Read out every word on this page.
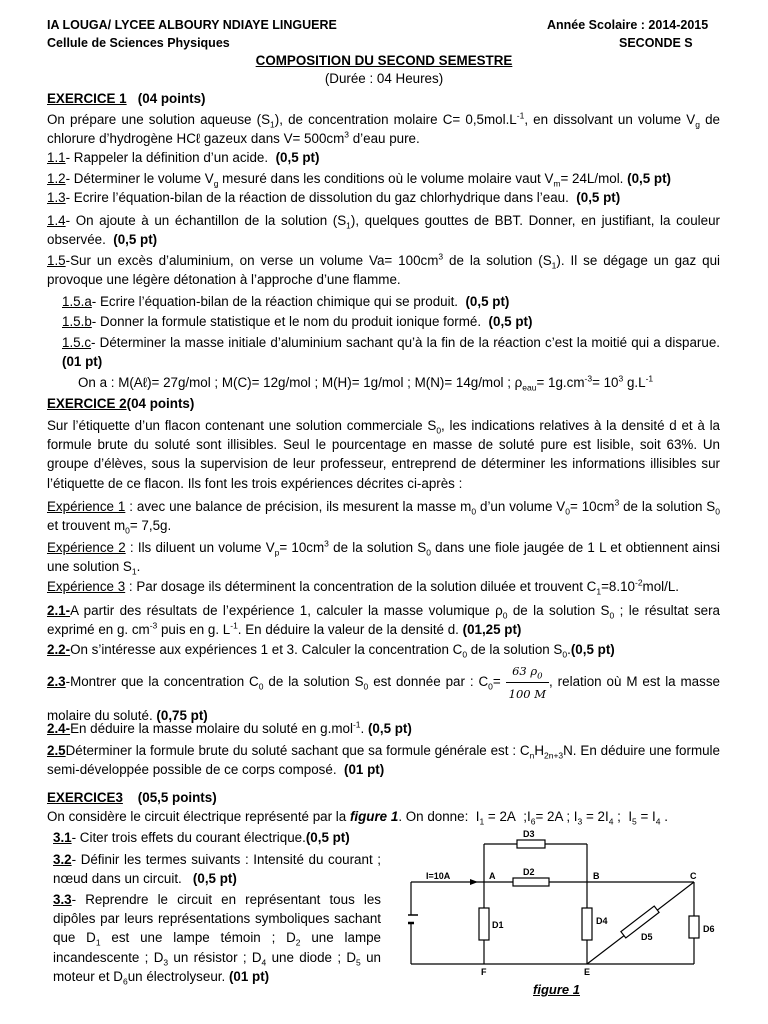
IA LOUGA/ LYCEE ALBOURY NDIAYE LINGUERE	Année Scolaire : 2014-2015
Cellule de Sciences Physiques	SECONDE S
COMPOSITION DU SECOND SEMESTRE
(Durée : 04 Heures)
EXERCICE 1 (04 points)
On prépare une solution aqueuse $(S_1)$, de concentration molaire $C= 0,5mol.L^{-1}$, en dissolvant un volume $V_g$ de chlorure d’hydrogène HCℓ gazeux dans $V= 500cm^3$ d’eau pure.
1.1- Rappeler la définition d’un acide. (0,5 pt)
1.2- Déterminer le volume $V_g$ mesuré dans les conditions où le volume molaire vaut $V_m= 24L/mol$. (0,5 pt)
1.3- Ecrire l’équation-bilan de la réaction de dissolution du gaz chlorhydrique dans l’eau. (0,5 pt)
1.4- On ajoute à un échantillon de la solution $(S_1)$, quelques gouttes de BBT. Donner, en justifiant, la couleur observée.  (0,5 pt)
1.5-Sur un excès d’aluminium, on verse un volume $Va= 100cm^3$ de la solution $(S_1)$. Il se dégage un gaz qui provoque une légère détonation à l’approche d’une flamme.
1.5.a- Ecrire l’équation-bilan de la réaction chimique qui se produit. (0,5 pt)
1.5.b- Donner la formule statistique et le nom du produit ionique formé. (0,5 pt)
1.5.c- Déterminer la masse initiale d’aluminium sachant qu’à la fin de la réaction c’est la moitié qui a disparue. (01 pt)
On a : M(Aℓ)= 27g/mol ; M(C)= 12g/mol ; M(H)= 1g/mol ; M(N)= 14g/mol ; $\rho_{eau}= 1g.cm^{-3}= 10^3$ $g.L^{-1}$
EXERCICE 2(04 points)
Sur l’étiquette d’un flacon contenant une solution commerciale $S_0$, les indications relatives à la densité d et à la formule brute du soluté sont illisibles. Seul le pourcentage en masse de soluté pure est lisible, soit 63%. Un groupe d’élèves, sous la supervision de leur professeur, entreprend de déterminer les informations illisibles sur l’étiquette de ce flacon. Ils font les trois expériences décrites ci-après :
Expérience 1 : avec une balance de précision, ils mesurent la masse $m_0$ d’un volume $V_0= 10cm^3$ de la solution $S_0$ et trouvent $m_0= 7,5g$.
Expérience 2 : Ils diluent un volume $V_p= 10cm^3$ de la solution $S_0$ dans une fiole jaugée de 1 L et obtiennent ainsi une solution $S_1$.
Expérience 3 : Par dosage ils déterminent la concentration de la solution diluée et trouvent $C_1=8.10^{-2}mol/L$.
2.1-A partir des résultats de l’expérience 1, calculer la masse volumique $\rho_0$ de la solution $S_0$ ; le résultat sera exprimé en g. $cm^{-3}$ puis en g. $L^{-1}$. En déduire la valeur de la densité d. (01,25 pt)
2.2-On s’intéresse aux expériences 1 et 3. Calculer la concentration $C_0$ de la solution $S_0.(0,5$ pt)
2.3-Montrer que la concentration $C_0$ de la solution $S_0$ est donnée par : $C_0= \frac{63 \rho_0}{100 M}$ , relation où M est la masse molaire du soluté. (0,75 pt)
2.4-En déduire la masse molaire du soluté en g.mol$^{-1}$. (0,5 pt)
2.5Déterminer la formule brute du soluté sachant que sa formule générale est : $C_nH_{2n+3}N$. En déduire une formule semi-développée possible de ce corps composé.  (01 pt)
EXERCICE3 (05,5 points)
On considère le circuit électrique représenté par la figure 1. On donne:  $I_1 = 2A$  $;I_6= 2A$ ; $I_3 = 2I_4$ ;  $I_5 = I_4$ .
3.1- Citer trois effets du courant électrique.(0,5 pt)
3.2- Définir les termes suivants : Intensité du courant ; nœud dans un circuit.   (0,5 pt)
3.3- Reprendre le circuit en représentant tous les dipôles par leurs représentations symboliques sachant que $D_1$ est une lampe témoin ; $D_2$ une lampe incandescente ; $D_3$ un résistor ; $D_4$ une diode ; $D_5$ un moteur et $D_6un$ électrolyseur. (01 pt)
I=10A	A	B	C
F	E
D1
D2
D3
D4
D5
D6
figure 1
